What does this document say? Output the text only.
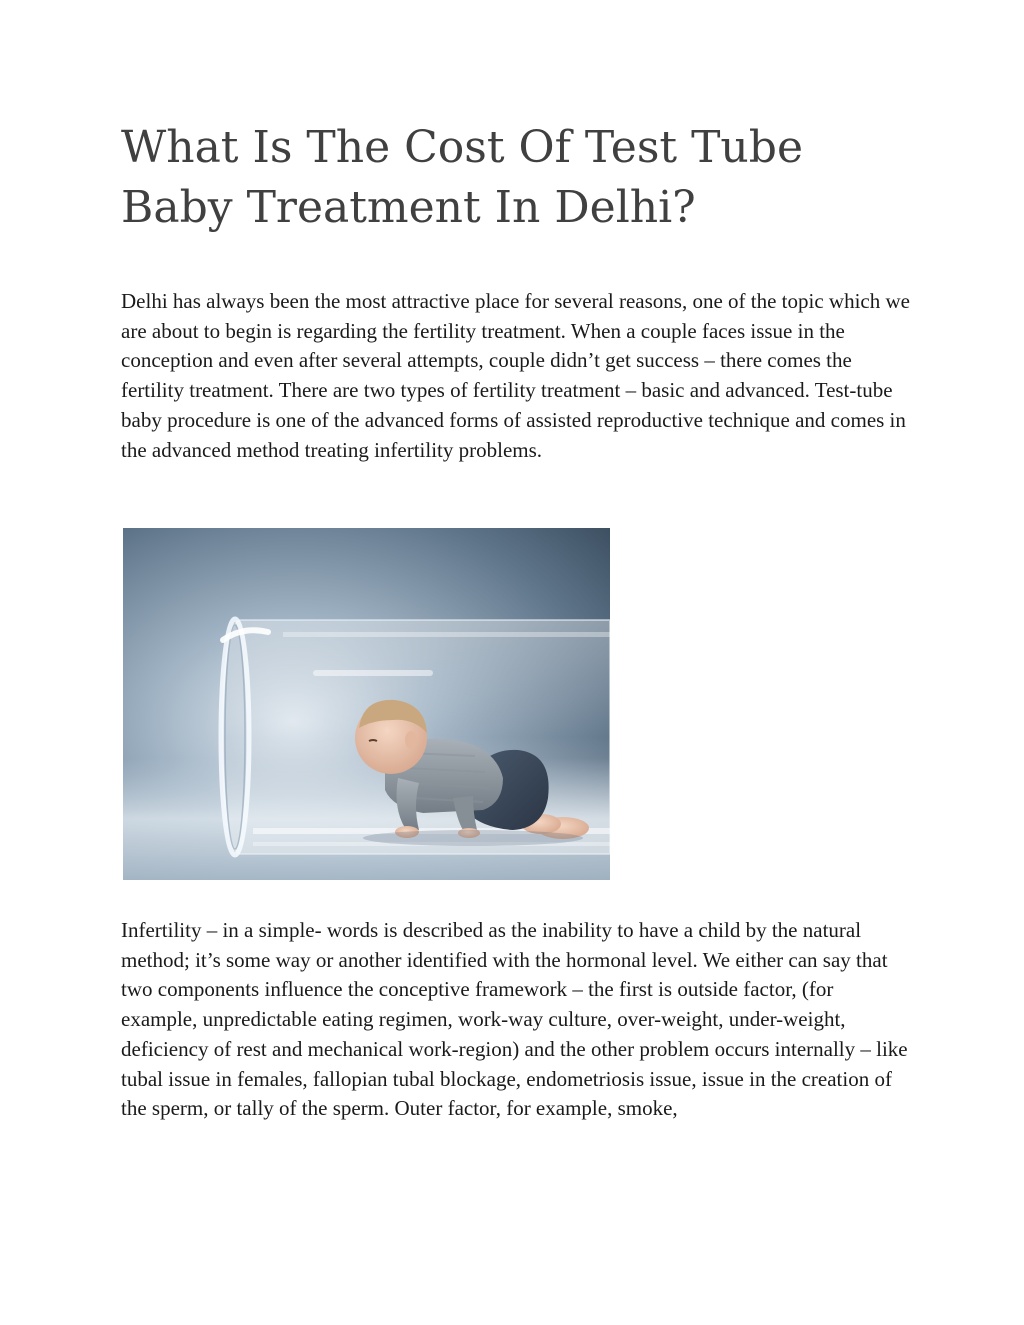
What Is The Cost Of Test Tube Baby Treatment In Delhi?

Delhi has always been the most attractive place for several reasons, one of the topic which we are about to begin is regarding the fertility treatment. When a couple faces issue in the conception and even after several attempts, couple didn’t get success – there comes the fertility treatment. There are two types of fertility treatment – basic and advanced. Test-tube baby procedure is one of the advanced forms of assisted reproductive technique and comes in the advanced method treating infertility problems.

Infertility – in a simple- words is described as the inability to have a child by the natural method; it’s some way or another identified with the hormonal level. We either can say that two components influence the conceptive framework – the first is outside factor, (for example, unpredictable eating regimen, work-way culture, over-weight, under-weight, deficiency of rest and mechanical work-region) and the other problem occurs internally – like tubal issue in females, fallopian tubal blockage, endometriosis issue, issue in the creation of the sperm, or tally of the sperm. Outer factor, for example, smoke,
